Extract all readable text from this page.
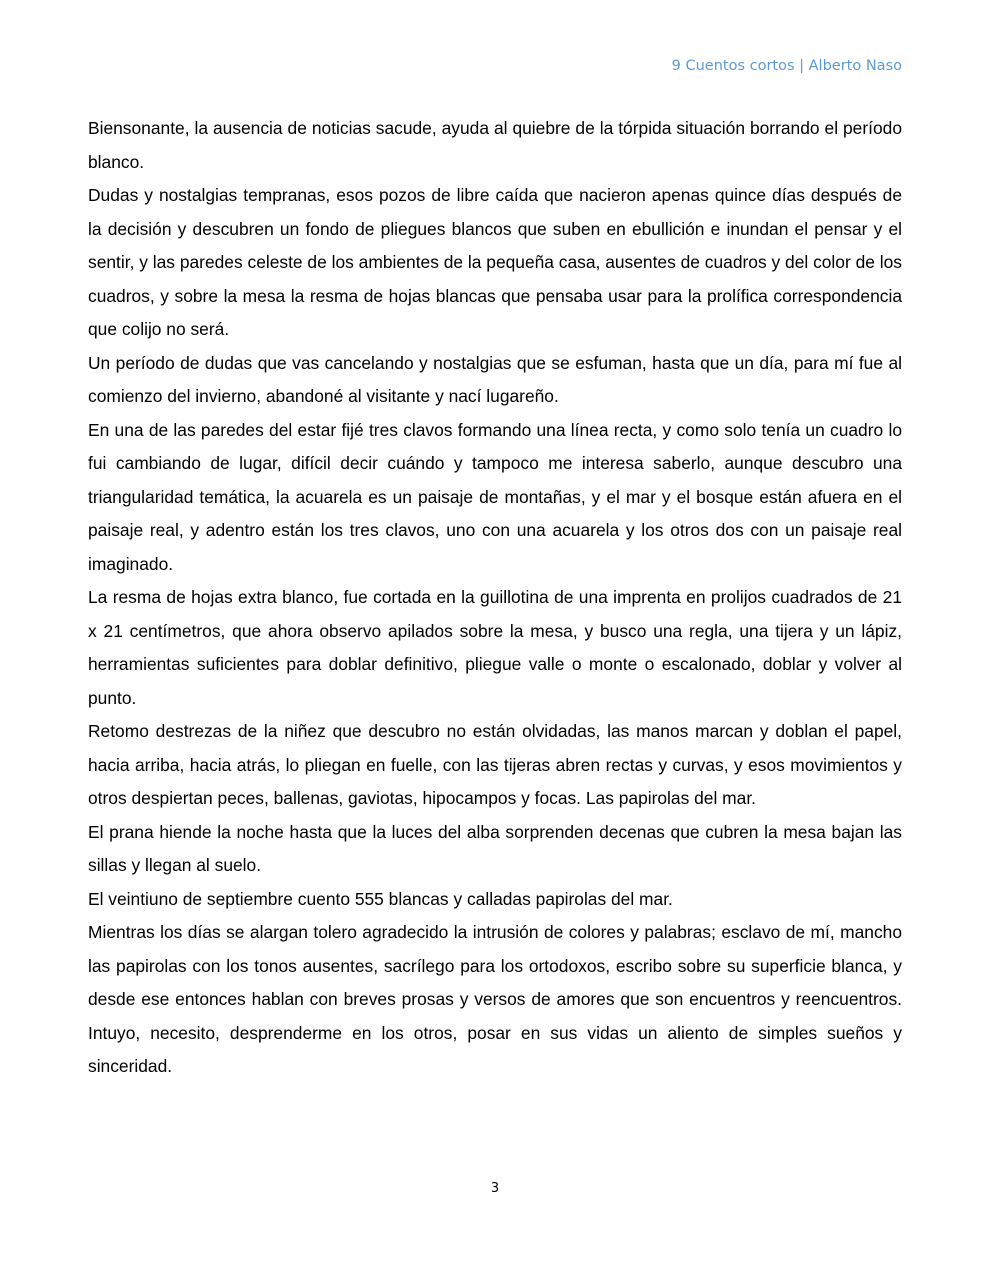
9 Cuentos cortos | Alberto Naso

Biensonante, la ausencia de noticias sacude, ayuda al quiebre de la tórpida situación borrando el período blanco.

Dudas y nostalgias tempranas, esos pozos de libre caída que nacieron apenas quince días después de la decisión y descubren un fondo de pliegues blancos que suben en ebullición e inundan el pensar y el sentir, y las paredes celeste de los ambientes de la pequeña casa, ausentes de cuadros y del color de los cuadros, y sobre la mesa la resma de hojas blancas que pensaba usar para la prolífica correspondencia que colijo no será.

Un período de dudas que vas cancelando y nostalgias que se esfuman, hasta que un día, para mí fue al comienzo del invierno, abandoné al visitante y nací lugareño.

En una de las paredes del estar fijé tres clavos formando una línea recta, y como solo tenía un cuadro lo fui cambiando de lugar, difícil decir cuándo y tampoco me interesa saberlo, aunque descubro una triangularidad temática, la acuarela es un paisaje de montañas, y el mar y el bosque están afuera en el paisaje real, y adentro están los tres clavos, uno con una acuarela y los otros dos con un paisaje real imaginado.

La resma de hojas extra blanco, fue cortada en la guillotina de una imprenta en prolijos cuadrados de 21 x 21 centímetros, que ahora observo apilados sobre la mesa, y busco una regla, una tijera y un lápiz, herramientas suficientes para doblar definitivo, pliegue valle o monte o escalonado, doblar y volver al punto.

Retomo destrezas de la niñez que descubro no están olvidadas, las manos marcan y doblan el papel, hacia arriba, hacia atrás, lo pliegan en fuelle, con las tijeras abren rectas y curvas, y esos movimientos y otros despiertan peces, ballenas, gaviotas, hipocampos y focas. Las papirolas del mar.

El prana hiende la noche hasta que la luces del alba sorprenden decenas que cubren la mesa bajan las sillas y llegan al suelo.

El veintiuno de septiembre cuento 555 blancas y calladas papirolas del mar.

Mientras los días se alargan tolero agradecido la intrusión de colores y palabras; esclavo de mí, mancho las papirolas con los tonos ausentes, sacrílego para los ortodoxos, escribo sobre su superficie blanca, y desde ese entonces hablan con breves prosas y versos de amores que son encuentros y reencuentros. Intuyo, necesito, desprenderme en los otros, posar en sus vidas un aliento de simples sueños y sinceridad.

3
